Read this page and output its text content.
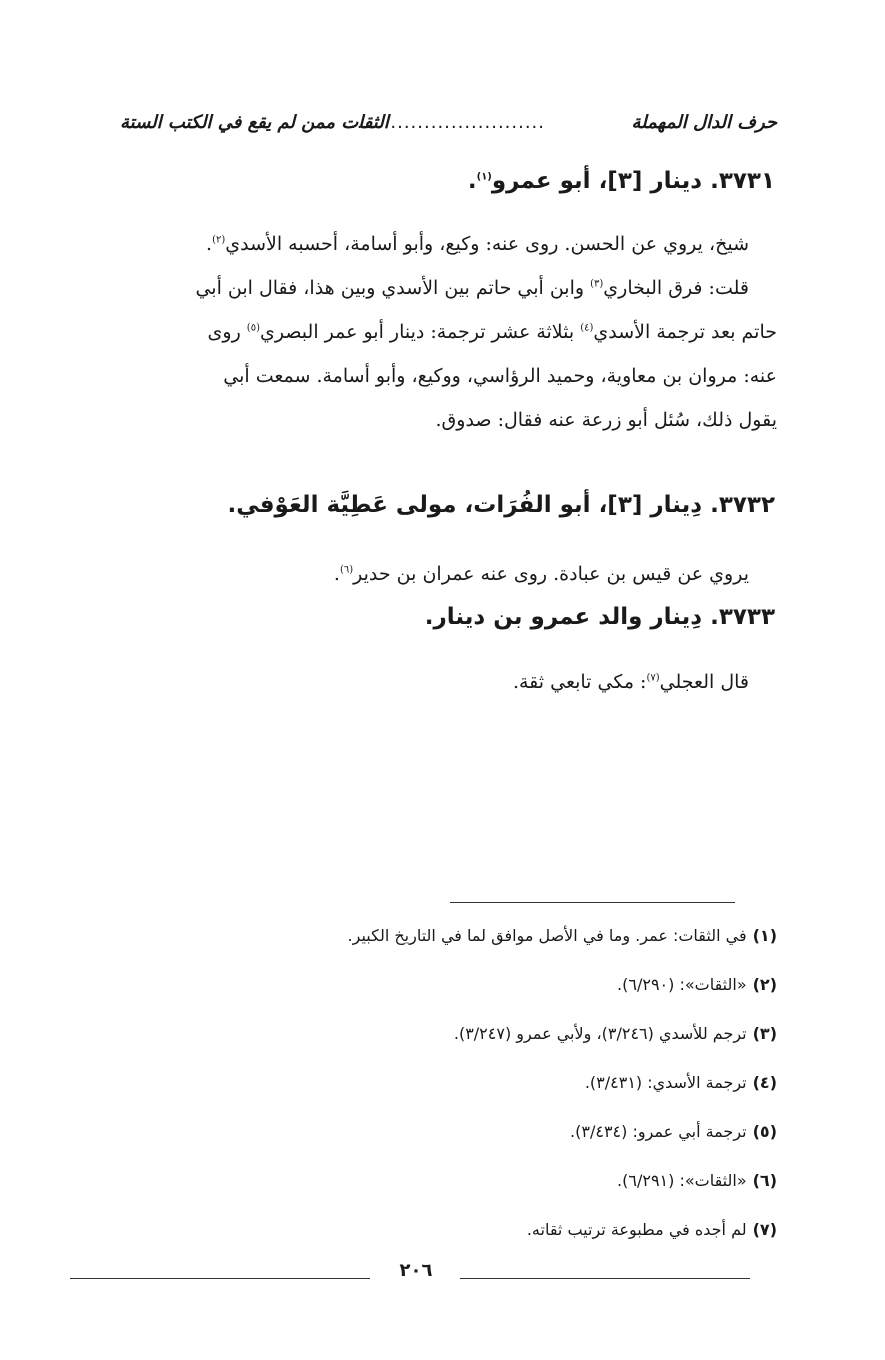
حرف الدال المهملة
..............................
الثقات ممن لم يقع في الكتب الستة
٣٧٣١. دينار [٣]، أبو عمرو$^{(١)}$.
شيخ، يروي عن الحسن. روى عنه: وكيع، وأبو أسامة، أحسبه الأسدي$^{(٢)}$.
قلت: فرق البخاري$^{(٣)}$ وابن أبي حاتم بين الأسدي وبين هذا، فقال ابن أبي
حاتم بعد ترجمة الأسدي$^{(٤)}$ بثلاثة عشر ترجمة: دينار أبو عمر البصري$^{(٥)}$ روى
عنه: مروان بن معاوية، وحميد الرؤاسي، ووكيع، وأبو أسامة. سمعت أبي
يقول ذلك، سُئل أبو زرعة عنه فقال: صدوق.
٣٧٣٢. دِينار [٣]، أبو الفُرَات، مولى عَطِيَّة العَوْفي.
يروي عن قيس بن عبادة. روى عنه عمران بن حدير$^{(٦)}$.
٣٧٣٣. دِينار والد عمرو بن دينار.
قال العجلي$^{(٧)}$: مكي تابعي ثقة.
(١)في الثقات: عمر. وما في الأصل موافق لما في التاريخ الكبير.
(٢)«الثقات»: (٦/٢٩٠).
(٣)ترجم للأسدي (٣/٢٤٦)، ولأبي عمرو (٣/٢٤٧).
(٤)ترجمة الأسدي: (٣/٤٣١).
(٥)ترجمة أبي عمرو: (٣/٤٣٤).
(٦)«الثقات»: (٦/٢٩١).
(٧)لم أجده في مطبوعة ترتيب ثقاته.
٢٠٦
